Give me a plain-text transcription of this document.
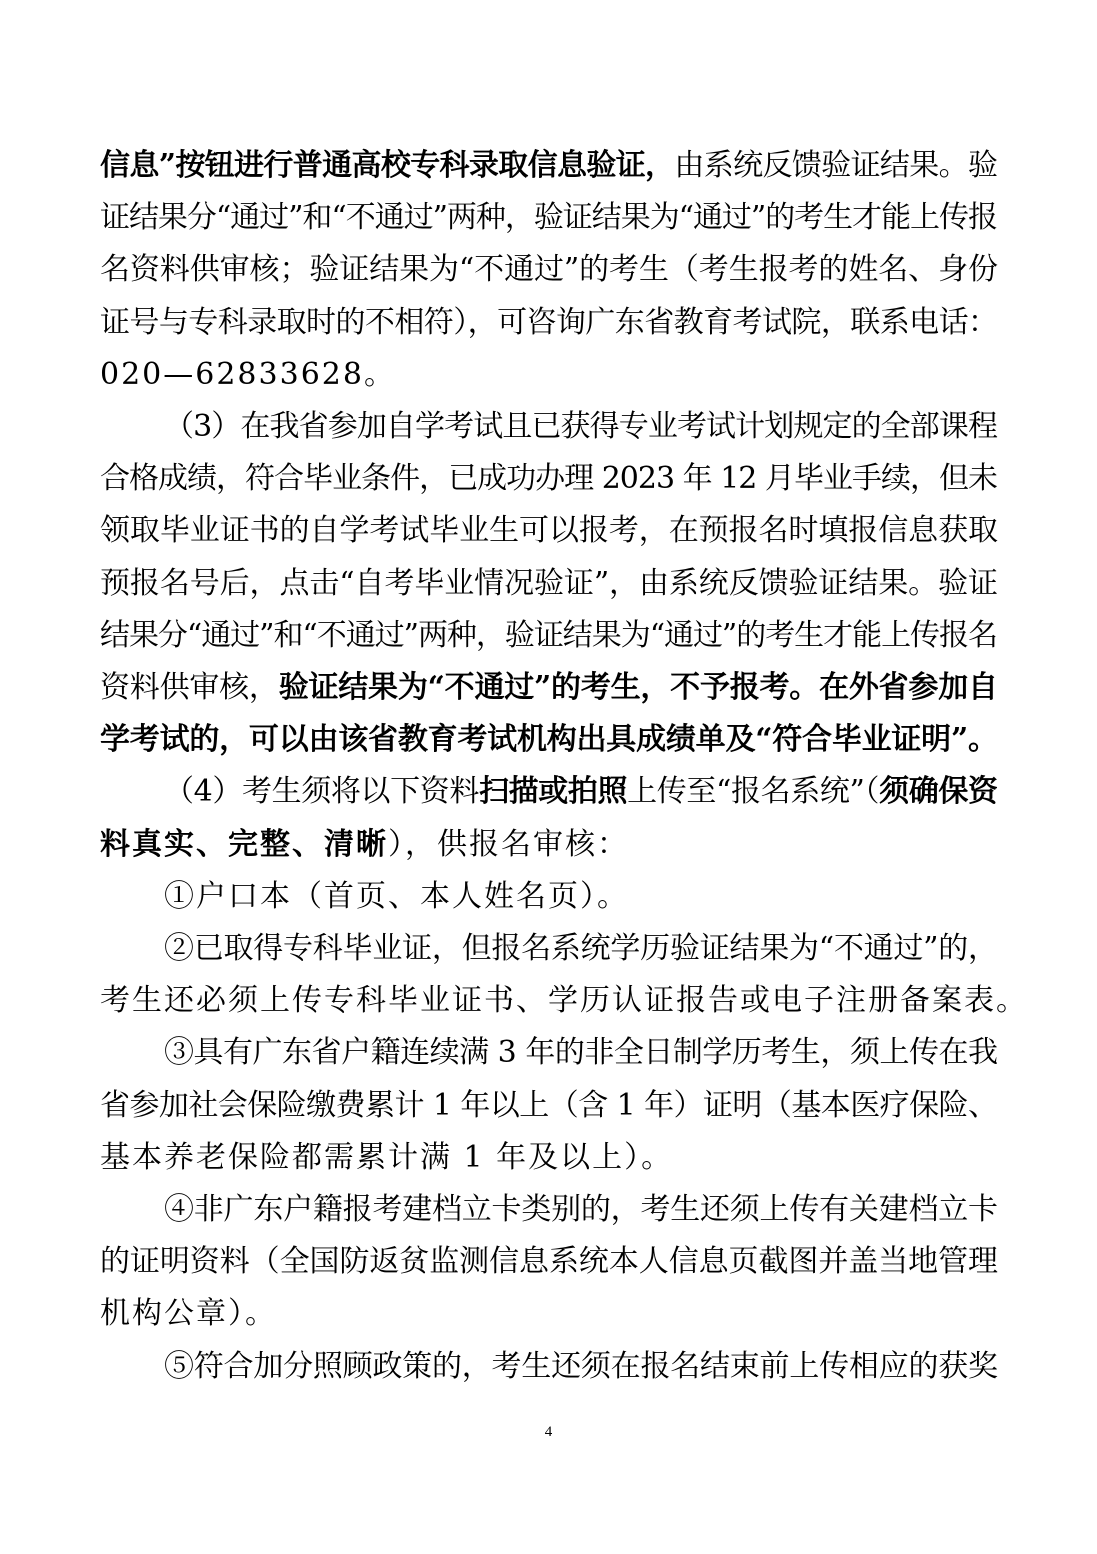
信息”按钮进行普通高校专科录取信息验证，由系统反馈验证结果。验
证结果分“通过”和“不通过”两种，验证结果为“通过”的考生才能上传报
名资料供审核；验证结果为“不通过”的考生（考生报考的姓名、身份
证号与专科录取时的不相符），可咨询广东省教育考试院，联系电话：
020—62833628。
（3）在我省参加自学考试且已获得专业考试计划规定的全部课程
合格成绩，符合毕业条件，已成功办理 2023 年 12 月毕业手续，但未
领取毕业证书的自学考试毕业生可以报考，在预报名时填报信息获取
预报名号后，点击“自考毕业情况验证”，由系统反馈验证结果。验证
结果分“通过”和“不通过”两种，验证结果为“通过”的考生才能上传报名
资料供审核，验证结果为“不通过”的考生，不予报考。在外省参加自
学考试的，可以由该省教育考试机构出具成绩单及“符合毕业证明”。
（4）考生须将以下资料扫描或拍照上传至“报名系统”（须确保资
料真实、完整、清晰），供报名审核：
①户口本（首页、本人姓名页）。
②已取得专科毕业证，但报名系统学历验证结果为“不通过”的，
考生还必须上传专科毕业证书、学历认证报告或电子注册备案表。
③具有广东省户籍连续满 3 年的非全日制学历考生，须上传在我
省参加社会保险缴费累计 1 年以上（含 1 年）证明（基本医疗保险、
基本养老保险都需累计满 1 年及以上）。
④非广东户籍报考建档立卡类别的，考生还须上传有关建档立卡
的证明资料（全国防返贫监测信息系统本人信息页截图并盖当地管理
机构公章）。
⑤符合加分照顾政策的，考生还须在报名结束前上传相应的获奖
4
